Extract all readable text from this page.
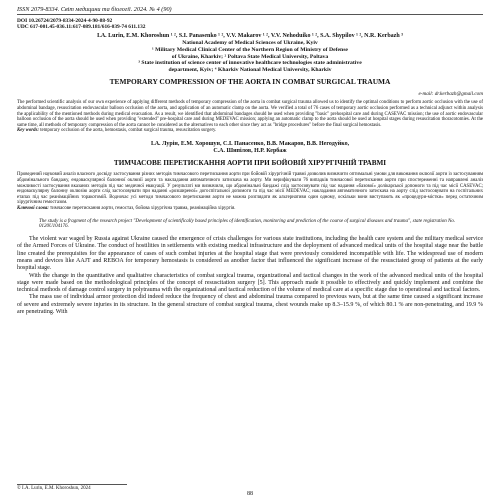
ISSN 2079-8334. Світ медицини та біології. 2024. № 4 (90)
DOI 10.26724/2079-8334-2024-4-90-88-92
UDC 617-001.45-036.11:617-089.181/616-039-74 611.132
I.A. Lurin, E.M. Khoroshun ¹ ², S.I. Panasenko ¹ ², V.V. Makarov ¹ ², V.V. Nehoduiko ¹ ², S.A. Shypilov ¹ ², N.R. Kerbazh ³
National Academy of Medical Sciences of Ukraine, Kyiv
¹ Military Medical Clinical Center of the Northern Region of Ministry of Defense
of Ukraine, Kharkiv; ² Poltava State Medical University, Poltava
³ State institution of science center of innovative healthcare technologies state administrative
department, Kyiv; ⁴ Kharkiv National Medical University, Kharkiv
TEMPORARY COMPRESSION OF THE AORTA IN COMBAT SURGICAL TRAUMA
e-mail: dr.kerbazh@gmail.com
The performed scientific analysis of our own experience of applying different methods of temporary compression of the aorta in combat surgical trauma allowed us to identify the optimal conditions to perform aortic occlusion with the use of abdominal bandage, resuscitation endovascular balloon occlusion of the aorta, and application of an automatic clamp on the aorta. We verified a total of 76 cases of temporary aortic occlusion performed as a technical adjunct within analysis the applicability of the mentioned methods during medical evacuation. As a result, we identified that abdominal bandages should be used when providing "basic" prehospital care and during CASEVAC mission; the use of aortic endovascular balloon occlusion of the aorta should be used when providing "extended" pre-hospital care and during MEDEVAC mission; applying an automatic clamp to the aorta should be used at hospital stages during resuscitation thoracotomies. At the same time, all methods of temporary compression of the aorta cannot be considered as the alternatives to each other since they act as "bridge procedures" before the final surgical hemostasis.
Key words: temporary occlusion of the aorta, hemostasis, combat surgical trauma, resuscitation surgery.
І.А. Лурін, Е.М. Хорошун, С.І. Панасенко, В.В. Макаров, В.В. Негодуйко,
С.А. Шипілов, Н.Р. Кербаж
ТИМЧАСОВЕ ПЕРЕТИСКАННЯ АОРТИ ПРИ БОЙОВІЙ ХІРУРГІЧНІЙ ТРАВМІ
Проведений науковий аналіз власного досвіду застосування різних методів тимчасового перетискання аорти при бойовій хірургічній травмі дозволив визначити оптимальні умови для виконання оклюзії аорти із застосуванням абдомінального бандажу, ендоваскулярної балонної оклюзії аорти та накладання автоматичного затискача на аорту. Ми верифікували 76 випадків тимчасової перетискання аорти при спостереженні та направлені аналіз можливості застосування вказаних методів під час медичної евакуації. У результаті ми визначили, що абдомінальні бандажі слід застосовувати під час надання «базової» долікарської допомоги та під час місії CASEVAC; ендоваскулярну балонну оклюзію аорти слід застосовувати при наданні «розширеної» догоспітальної допомоги та під час місії MEDEVAC; накладання автоматичного затискача на аорту слід застосовувати на госпітальних етапах під час реанімаційних торакотомій. Водночас усі методи тимчасового перетискання аорти не можна розглядати як альтернативи один одному, оскільки вони виступають як «процедури-містки» перед остаточним хірургічним гемостазом.
Ключові слова: тимчасове перетискання аорти, гемостаз, бойова хірургічна травма, реанімаційна хірургія.
The study is a fragment of the research project "Development of scientifically based principles of identification, monitoring and prediction of the course of surgical diseases and trauma", state registration No. 0120U104176.

The violent war waged by Russia against Ukraine caused the emergence of crisis challenges for various state institutions, including the health care system and the military medical service of the Armed Forces of Ukraine. The conduct of hostilities in settlements with existing medical infrastructure and the deployment of advanced medical units of the hospital stage near the battle line created the prerequisites for the appearance of cases of such combat injuries at the hospital stage that were previously considered incompatible with life. The widespread use of modern means and devices like AAJT and REBOA for temporary hemostasis is considered as another factor that influenced the significant increase of the resuscitated group of patients at the early hospital stage.

With the change in the quantitative and qualitative characteristics of combat surgical trauma, organizational and tactical changes in the work of the advanced medical units of the hospital stage were made based on the methodological principles of the concept of resuscitation surgery [5]. This approach made it possible to effectively and quickly implement and combine the technical methods of damage control surgery in polytrauma with the organizational and tactical reduction of the volume of medical care at a specific stage due to operational and tactical factors.

The mass use of individual armor protection did indeed reduce the frequency of chest and abdominal trauma compared to previous wars, but at the same time caused a significant increase of severe and extremely severe injuries in its structure. In the general structure of combat surgical trauma, chest wounds make up 8.3–15.9 %, of which 80.1 % are non-penetrating, and 19.9 % are penetrating. With

© I.A. Lurin, E.M. Khoroshun, 2024
88
